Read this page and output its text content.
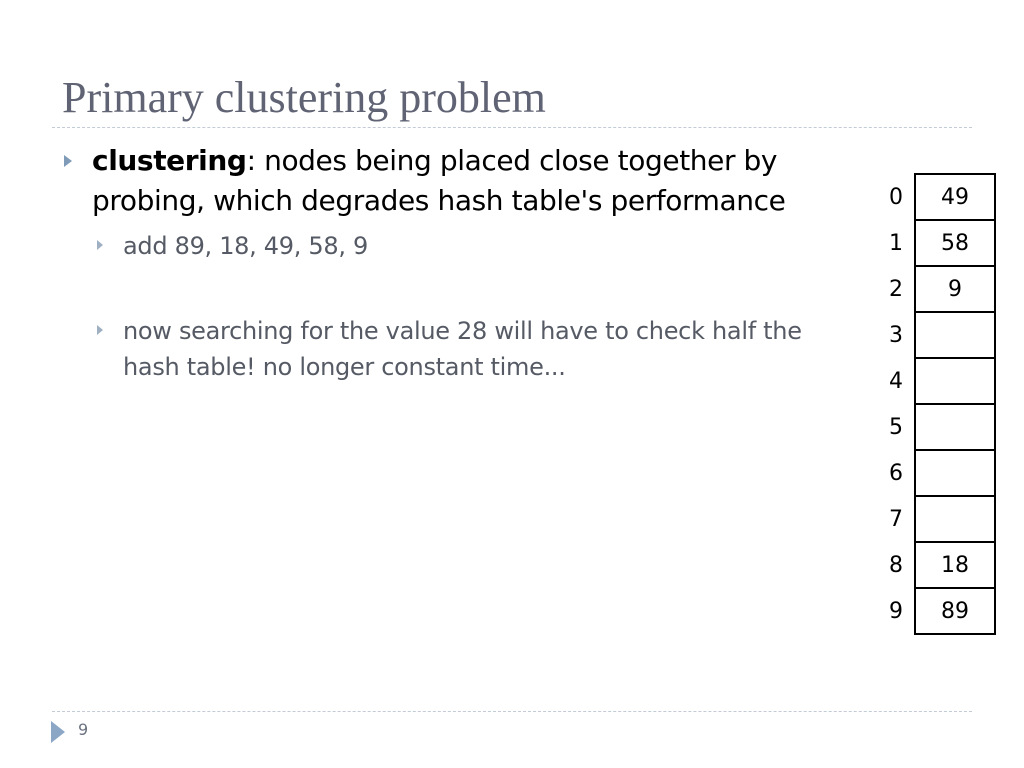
Primary clustering problem
clustering: nodes being placed close together by probing, which degrades hash table's performance
add 89, 18, 49, 58, 9
now searching for the value 28 will have to check half the hash table! no longer constant time...
0	49
1	58
2	9
3	
4	
5	
6	
7	
8	18
9	89
9
